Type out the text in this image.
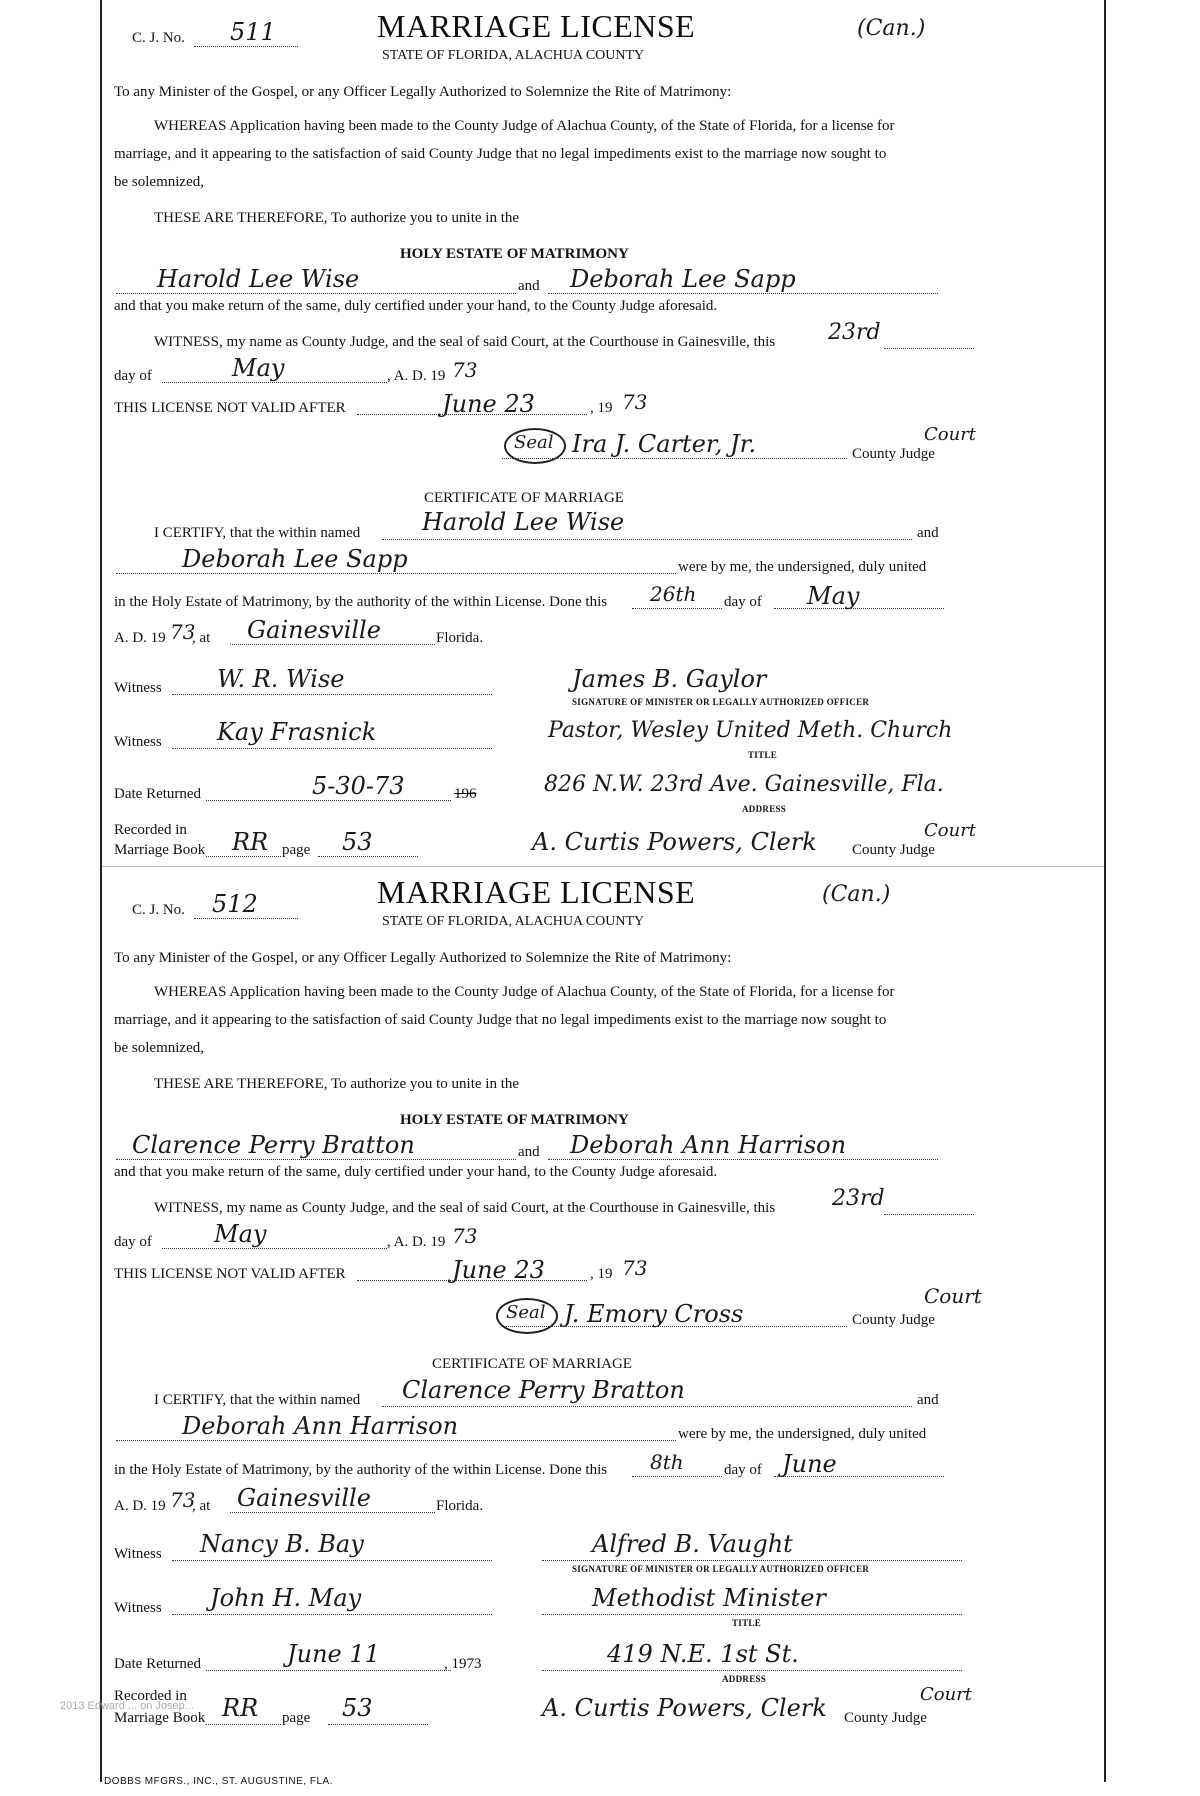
C. J. No. 511	MARRIAGE LICENSE
STATE OF FLORIDA, ALACHUA COUNTY
(Can.)
To any Minister of the Gospel, or any Officer Legally Authorized to Solemnize the Rite of Matrimony:
WHEREAS Application having been made to the County Judge of Alachua County, of the State of Florida, for a license for
marriage, and it appearing to the satisfaction of said County Judge that no legal impediments exist to the marriage now sought to
be solemnized,
THESE ARE THEREFORE, To authorize you to unite in the
HOLY ESTATE OF MATRIMONY
Harold Lee Wise	and Deborah Lee Sapp
and that you make return of the same, duly certified under your hand, to the County Judge aforesaid.
WITNESS, my name as County Judge, and the seal of said Court, at the Courthouse in Gainesville, this 23rd
day of	May	, A. D. 19 73
THIS LICENSE NOT VALID AFTER	June 23	, 19 73
Seal Ira J. Carter, Jr.	County Judge
Court
CERTIFICATE OF MARRIAGE
I CERTIFY, that the within named	Harold Lee Wise	and
Deborah Lee Sapp	were by me, the undersigned, duly united
in the Holy Estate of Matrimony, by the authority of the within License. Done this 26th day of May
A. D. 19 73
, at Gainesville	Florida.
Witness W. R. Wise	James B. Gaylor
SIGNATURE OF MINISTER OR LEGALLY AUTHORIZED OFFICER
Witness Kay Frasnick	Pastor, Wesley United Meth. Church
TITLE
Date Returned	5-30-73	196	826 N.W. 23rd Ave. Gainesville, Fla.
ADDRESS
Recorded in
Marriage Book RR page 53	A. Curtis Powers, Clerk County Judge
Court
C. J. No. 512	MARRIAGE LICENSE
STATE OF FLORIDA, ALACHUA COUNTY
(Can.)
To any Minister of the Gospel, or any Officer Legally Authorized to Solemnize the Rite of Matrimony:
WHEREAS Application having been made to the County Judge of Alachua County, of the State of Florida, for a license for
marriage, and it appearing to the satisfaction of said County Judge that no legal impediments exist to the marriage now sought to
be solemnized,
THESE ARE THEREFORE, To authorize you to unite in the
HOLY ESTATE OF MATRIMONY
Clarence Perry Bratton	and Deborah Ann Harrison
and that you make return of the same, duly certified under your hand, to the County Judge aforesaid.
WITNESS, my name as County Judge, and the seal of said Court, at the Courthouse in Gainesville, this	23rd
day of	May	, A. D. 19 73
THIS LICENSE NOT VALID AFTER	June 23	, 19 73
Seal J. Emory Cross	County Judge
Court
CERTIFICATE OF MARRIAGE
I CERTIFY, that the within named Clarence Perry Bratton	and
Deborah Ann Harrison	were by me, the undersigned, duly united
in the Holy Estate of Matrimony, by the authority of the within License. Done this 8th	day of June
A. D. 19 73
, at Gainesville	Florida.
Witness Nancy B. Bay	Alfred B. Vaught
SIGNATURE OF MINISTER OR LEGALLY AUTHORIZED OFFICER
Witness John H. May	Methodist Minister
TITLE
Date Returned	June 11	, 1973	419 N.E. 1st St.
ADDRESS
Recorded in
Marriage Book RR page 53	A. Curtis Powers, Clerk County Judge
Court
2013 Edward ... on Josep...
DOBBS MFGRS., INC., ST. AUGUSTINE, FLA.
